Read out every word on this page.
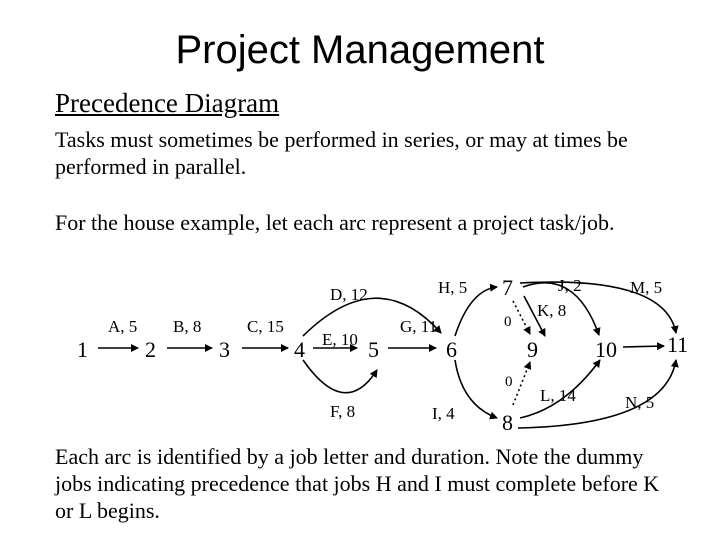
Project Management
Precedence Diagram
Tasks must sometimes be performed in series, or may at times be performed in parallel.
For the house example, let each arc represent a project task/job.
1	2	3	4	5	6
7
8
9	10 11
A, 5 B, 8	C, 15
D, 12
E, 10
F, 8
G, 11
H, 5
I, 4
J, 2
K, 8
L, 14
M, 5
N, 5
0
0
Each arc is identified by a job letter and duration. Note the dummy jobs indicating precedence that jobs H and I must complete before K or L begins.
